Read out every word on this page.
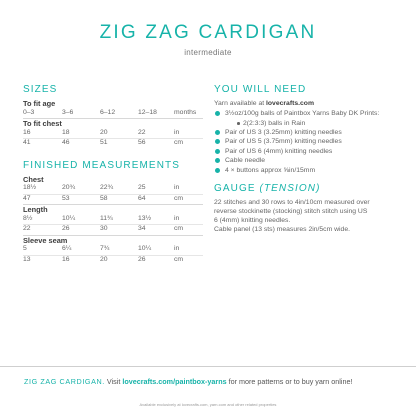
ZIG ZAG CARDIGAN
intermediate
SIZES
To fit age
0–3	3–6	6–12	12–18	months
To fit chest
16	18	20	22	in
41	46	51	56	cm
FINISHED MEASUREMENTS
Chest
18½	20¾	22¾	25	in
47	53	58	64	cm
Length
8½	10¼	11¾	13½	in
22	26	30	34	cm
Sleeve seam
5	6¼	7¾	10¼	in
13	16	20	26	cm
YOU WILL NEED
Yarn available at lovecrafts.com
3½oz/100g balls of Paintbox Yarns Baby DK Prints:
2(2:3:3) balls in Rain
Pair of US 3 (3.25mm) knitting needles
Pair of US 5 (3.75mm) knitting needles
Pair of US 6 (4mm) knitting needles
Cable needle
4 × buttons approx ⅝in/15mm
GAUGE (TENSION)
22 stitches and 30 rows to 4in/10cm measured over
reverse stockinette (stocking) stitch stitch using US
6 (4mm) knitting needles.
Cable panel (13 sts) measures 2in/5cm wide.
ZIG ZAG CARDIGAN. Visit lovecrafts.com/paintbox-yarns for more patterns or to buy yarn online!
Available exclusively at lovecrafts.com, yarn.com and other related properties
